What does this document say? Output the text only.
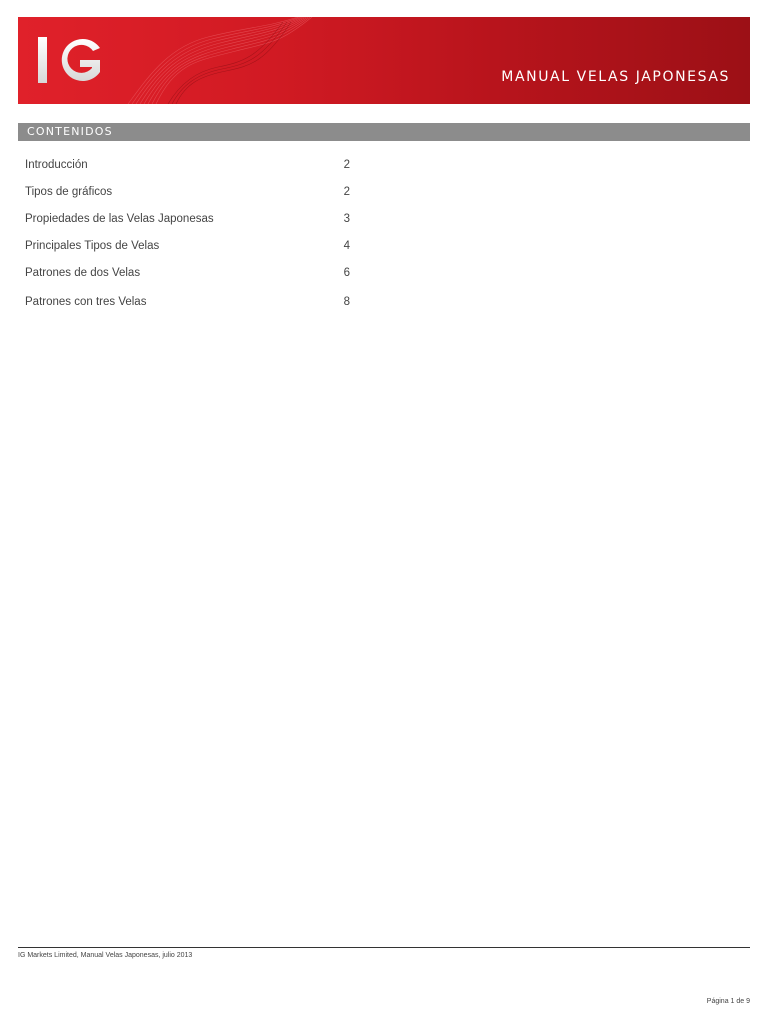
MANUAL VELAS JAPONESAS
CONTENIDOS
Introducción	2
Tipos de gráficos	2
Propiedades de las Velas Japonesas	3
Principales Tipos de Velas	4
Patrones de dos Velas	6
Patrones con tres Velas	8
IG Markets Limited, Manual Velas Japonesas, julio 2013
Página 1 de 9
